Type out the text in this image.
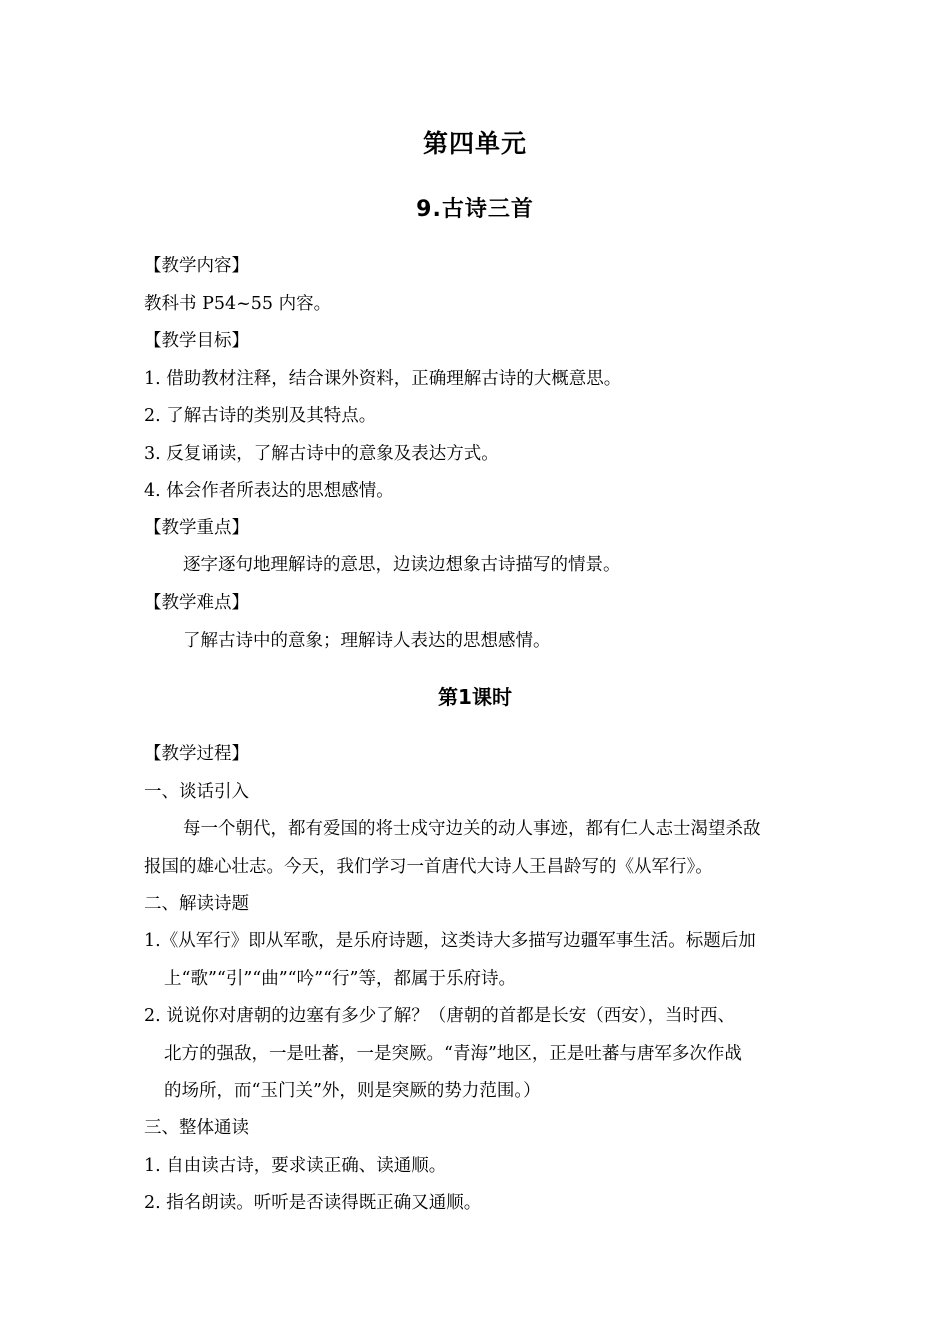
第四单元
9.古诗三首
【教学内容】
教科书 P54~55 内容。
【教学目标】
1. 借助教材注释，结合课外资料，正确理解古诗的大概意思。
2. 了解古诗的类别及其特点。
3. 反复诵读，了解古诗中的意象及表达方式。
4. 体会作者所表达的思想感情。
【教学重点】
逐字逐句地理解诗的意思，边读边想象古诗描写的情景。
【教学难点】
了解古诗中的意象；理解诗人表达的思想感情。
第1课时
【教学过程】
一、谈话引入
每一个朝代，都有爱国的将士戍守边关的动人事迹，都有仁人志士渴望杀敌
报国的雄心壮志。今天，我们学习一首唐代大诗人王昌龄写的《从军行》。
二、解读诗题
1.《从军行》即从军歌，是乐府诗题，这类诗大多描写边疆军事生活。标题后加
上“歌”“引”“曲”“吟”“行”等，都属于乐府诗。
2. 说说你对唐朝的边塞有多少了解？（唐朝的首都是长安（西安），当时西、
北方的强敌，一是吐蕃，一是突厥。“青海”地区，正是吐蕃与唐军多次作战
的场所，而“玉门关”外，则是突厥的势力范围。）
三、整体通读
1. 自由读古诗，要求读正确、读通顺。
2. 指名朗读。听听是否读得既正确又通顺。
